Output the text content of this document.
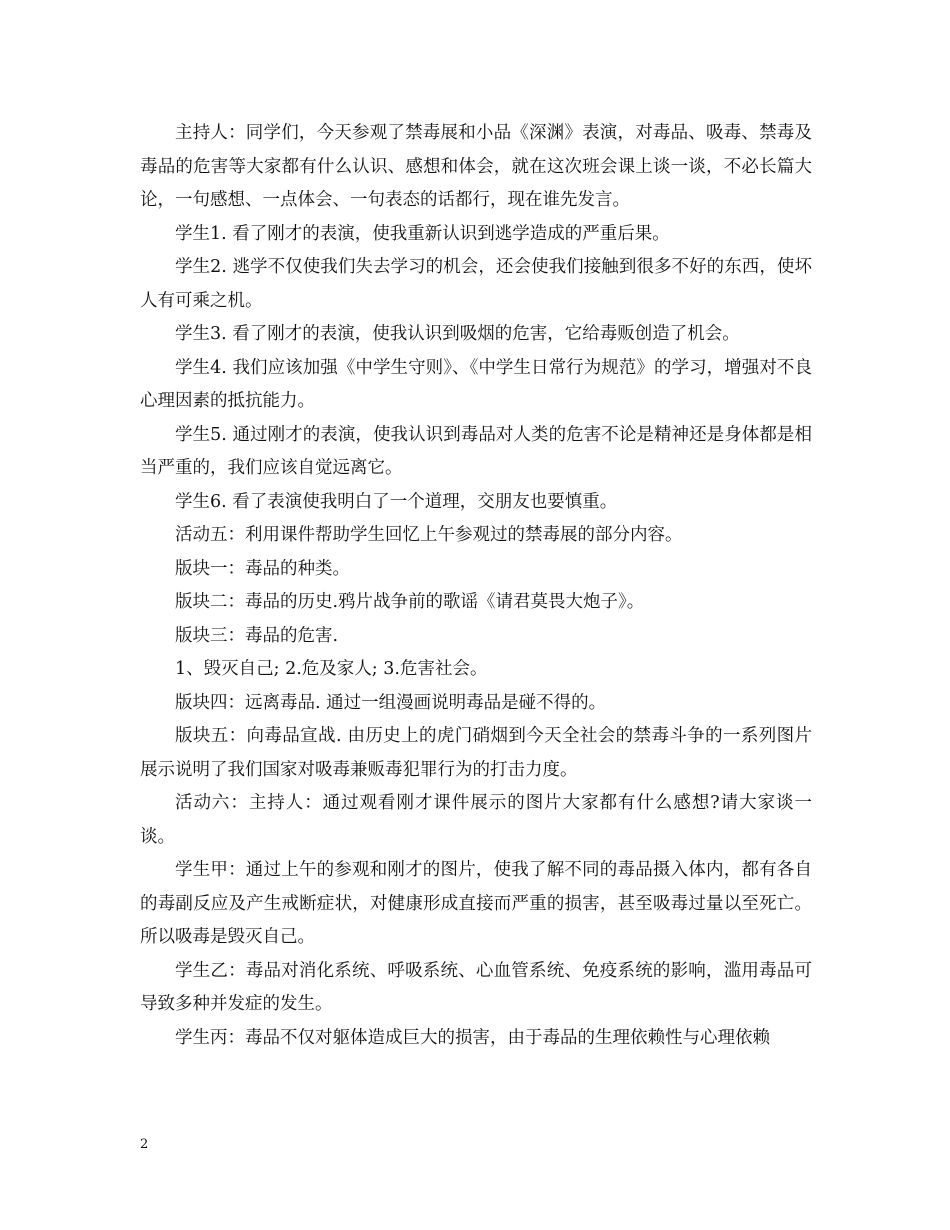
主持人：同学们，今天参观了禁毒展和小品《深渊》表演，对毒品、吸毒、禁毒及毒品的危害等大家都有什么认识、感想和体会，就在这次班会课上谈一谈，不必长篇大论，一句感想、一点体会、一句表态的话都行，现在谁先发言。

学生1. 看了刚才的表演，使我重新认识到逃学造成的严重后果。

学生2. 逃学不仅使我们失去学习的机会，还会使我们接触到很多不好的东西，使坏人有可乘之机。

学生3. 看了刚才的表演，使我认识到吸烟的危害，它给毒贩创造了机会。

学生4. 我们应该加强《中学生守则》、《中学生日常行为规范》的学习，增强对不良心理因素的抵抗能力。

学生5. 通过刚才的表演，使我认识到毒品对人类的危害不论是精神还是身体都是相当严重的，我们应该自觉远离它。

学生6. 看了表演使我明白了一个道理，交朋友也要慎重。

活动五：利用课件帮助学生回忆上午参观过的禁毒展的部分内容。

版块一：毒品的种类。

版块二：毒品的历史.鸦片战争前的歌谣《请君莫畏大炮子》。

版块三：毒品的危害.

1、毁灭自己; 2.危及家人; 3.危害社会。

版块四：远离毒品. 通过一组漫画说明毒品是碰不得的。

版块五：向毒品宣战. 由历史上的虎门硝烟到今天全社会的禁毒斗争的一系列图片展示说明了我们国家对吸毒兼贩毒犯罪行为的打击力度。

活动六：主持人：通过观看刚才课件展示的图片大家都有什么感想?请大家谈一谈。

学生甲：通过上午的参观和刚才的图片，使我了解不同的毒品摄入体内，都有各自的毒副反应及产生戒断症状，对健康形成直接而严重的损害，甚至吸毒过量以至死亡。所以吸毒是毁灭自己。

学生乙：毒品对消化系统、呼吸系统、心血管系统、免疫系统的影响，滥用毒品可导致多种并发症的发生。

学生丙：毒品不仅对躯体造成巨大的损害，由于毒品的生理依赖性与心理依赖

2
